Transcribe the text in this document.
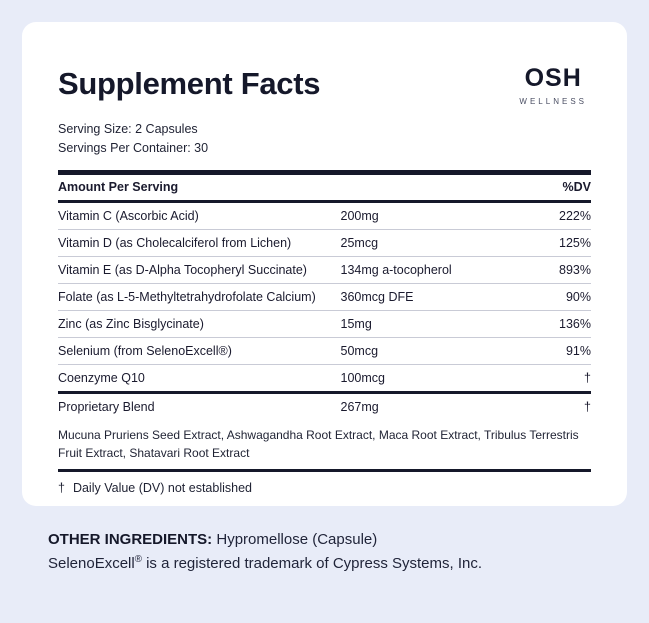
OSH
WELLNESS
Supplement Facts
Serving Size: 2 Capsules
Servings Per Container: 30
Amount Per Serving		%DV
Vitamin C (Ascorbic Acid)	200mg	222%
Vitamin D (as Cholecalciferol from Lichen)	25mcg	125%
Vitamin E (as D-Alpha Tocopheryl Succinate)	134mg a-tocopherol	893%
Folate (as L-5-Methyltetrahydrofolate Calcium)	360mcg DFE	90%
Zinc (as Zinc Bisglycinate)	15mg	136%
Selenium (from SelenoExcell®)	50mcg	91%
Coenzyme Q10	100mcg	†
Proprietary Blend	267mg	†
Mucuna Pruriens Seed Extract, Ashwagandha Root Extract, Maca Root Extract, Tribulus Terrestris Fruit Extract, Shatavari Root Extract		
† Daily Value (DV) not established
OTHER INGREDIENTS: Hypromellose (Capsule)
SelenoExcell® is a registered trademark of Cypress Systems, Inc.
